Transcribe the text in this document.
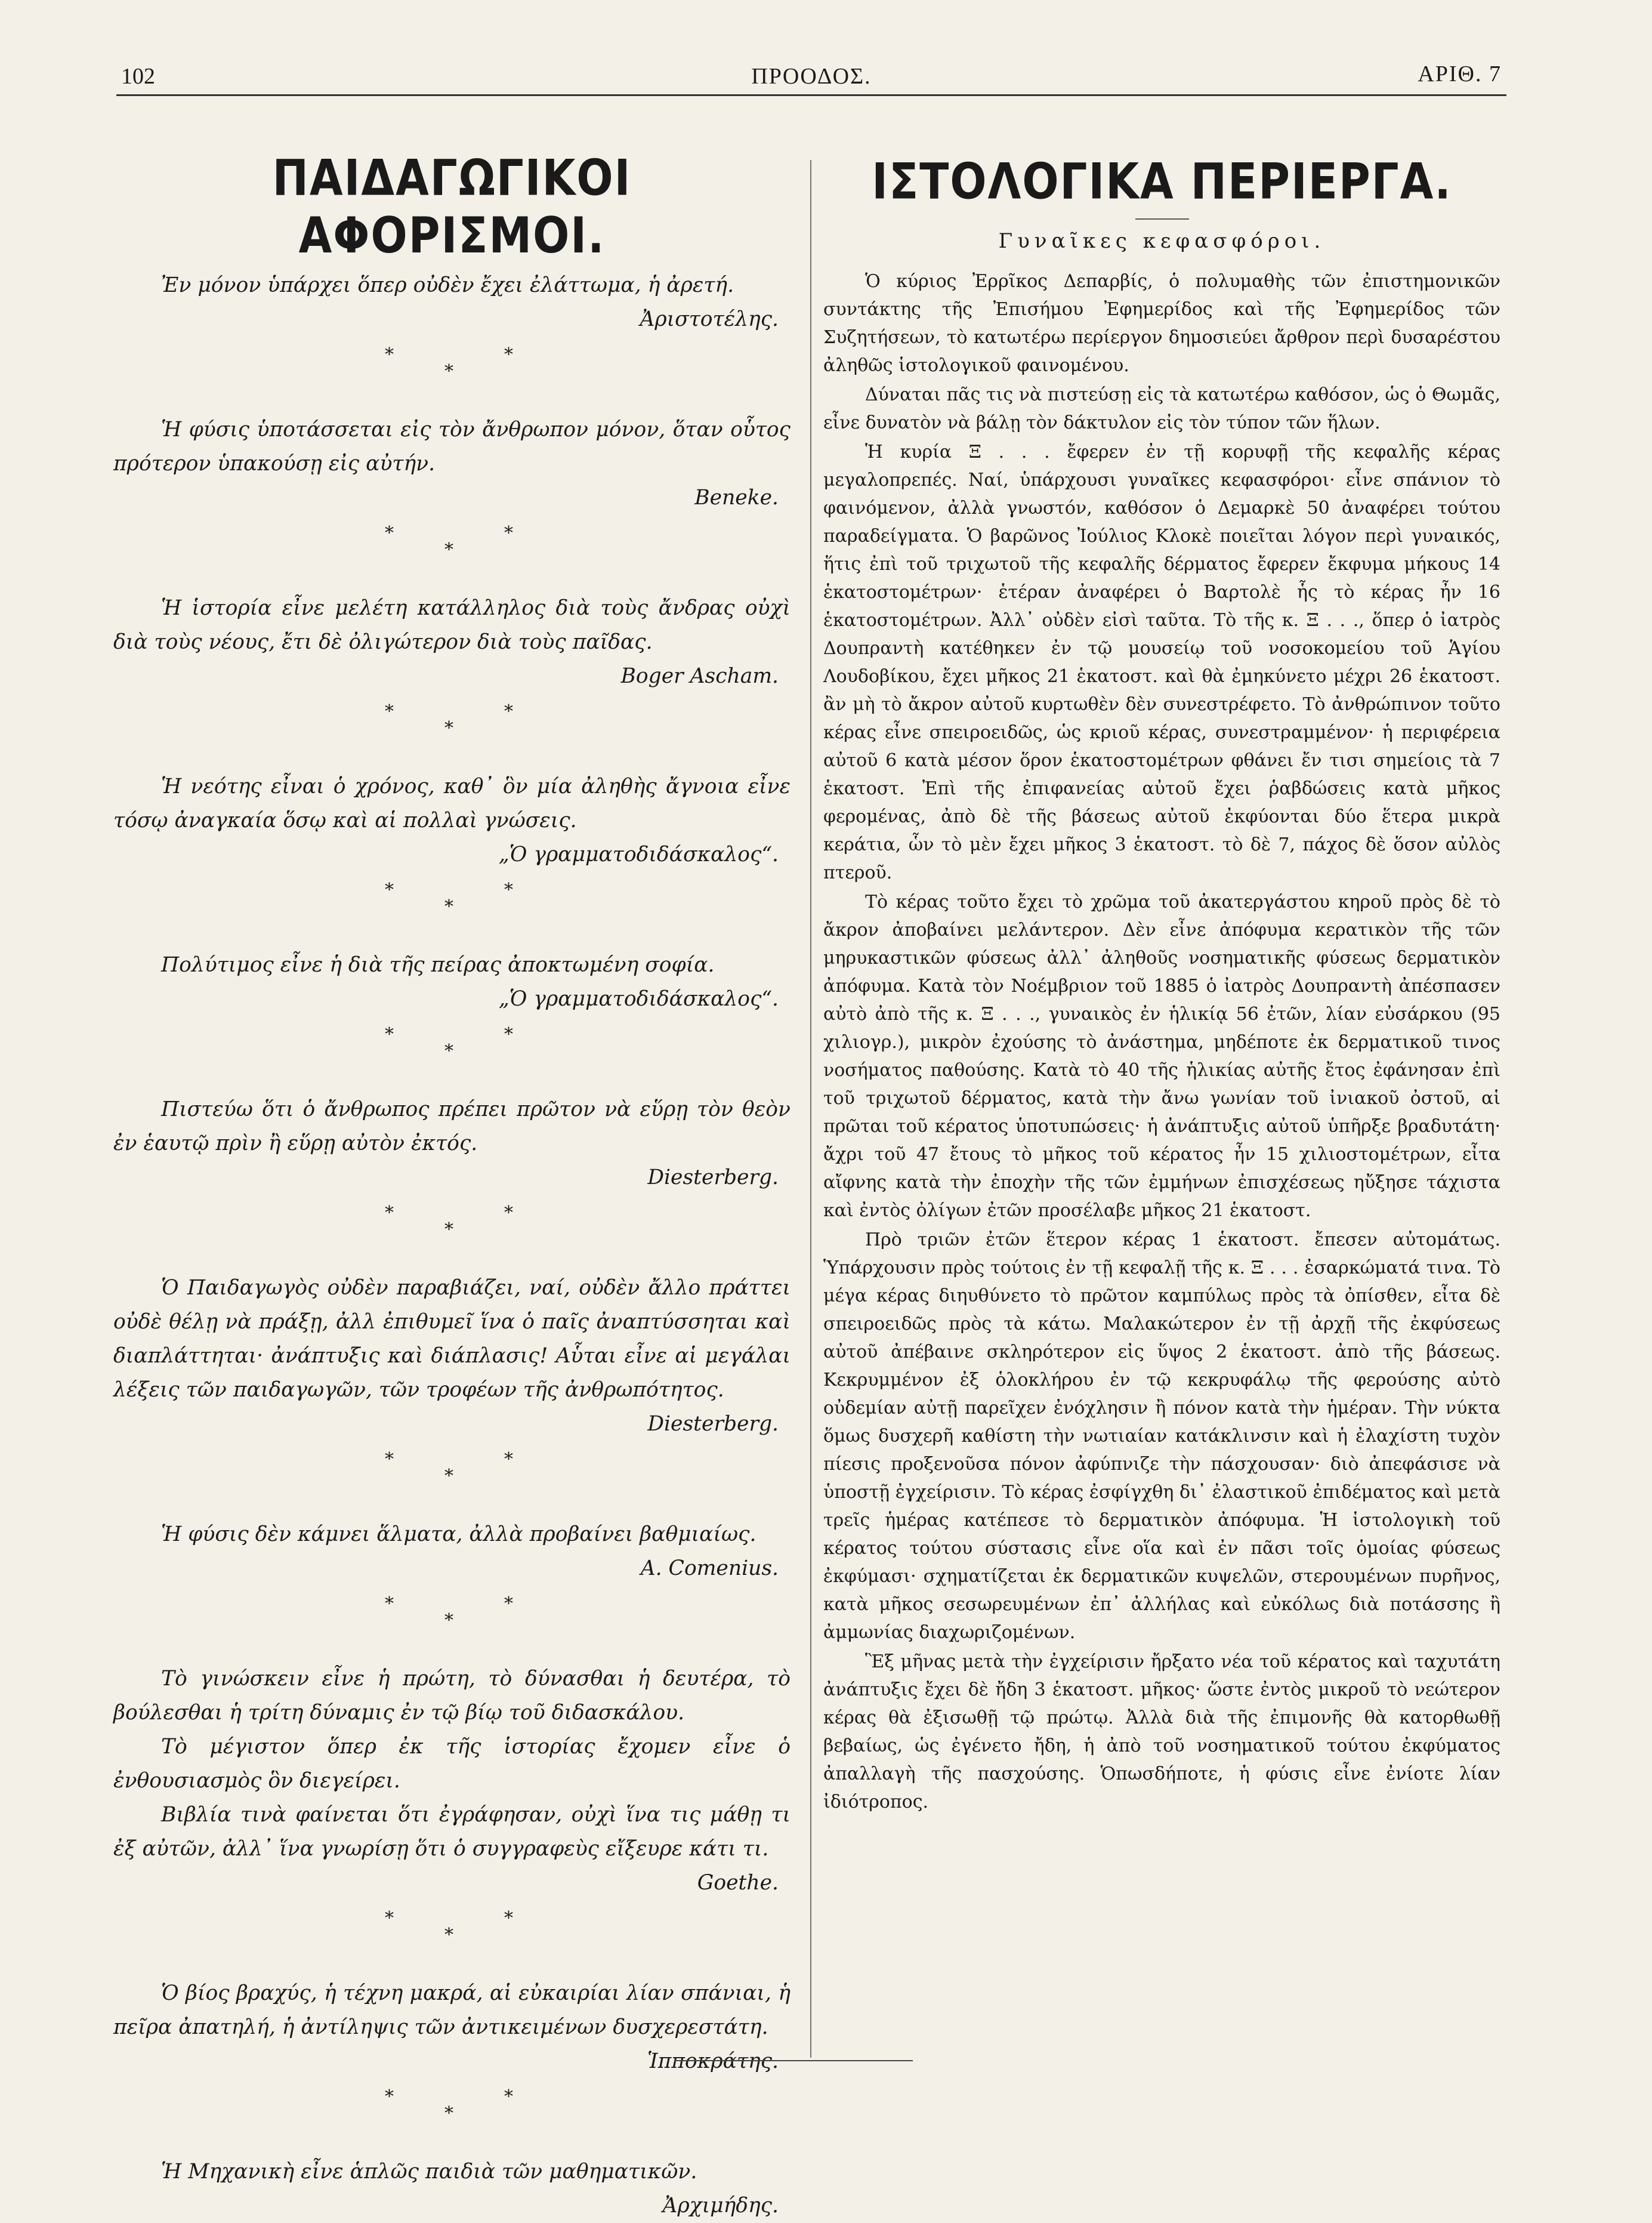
102	ΠΡΟΟΔΟΣ.	ΑΡΙΘ. 7
ΠΑΙΔΑΓΩΓΙΚΟΙ ΑΦΟΡΙΣΜΟΙ.

Ἐν μόνον ὑπάρχει ὅπερ οὐδὲν ἔχει ἐλάττωμα, ἡ ἀρετή.

Ἀριστοτέλης.
*
*
*

Ἡ φύσις ὑποτάσσεται εἰς τὸν ἄνθρωπον μόνον, ὅταν οὗτος πρότερον ὑπακούσῃ εἰς αὐτήν.

Beneke.
*
*
*

Ἡ ἱστορία εἶνε μελέτη κατάλληλος διὰ τοὺς ἄνδρας οὐχὶ διὰ τοὺς νέους, ἔτι δὲ ὀλιγώτερον διὰ τοὺς παῖδας.

Boger Ascham.
*
*
*

Ἡ νεότης εἶναι ὁ χρόνος, καθ᾽ ὃν μία ἀληθὴς ἄγνοια εἶνε τόσῳ ἀναγκαία ὅσῳ καὶ αἱ πολλαὶ γνώσεις.

„Ὁ γραμματοδιδάσκαλος“.
*
*
*

Πολύτιμος εἶνε ἡ διὰ τῆς πείρας ἀποκτωμένη σοφία.

„Ὁ γραμματοδιδάσκαλος“.
*
*
*

Πιστεύω ὅτι ὁ ἄνθρωπος πρέπει πρῶτον νὰ εὕρῃ τὸν θεὸν ἐν ἑαυτῷ πρὶν ἢ εὕρῃ αὐτὸν ἐκτός.

Diesterberg.
*
*
*

Ὁ Παιδαγωγὸς οὐδὲν παραβιάζει, ναί, οὐδὲν ἄλλο πράττει οὐδὲ θέλῃ νὰ πράξῃ, ἀλλ ἐπιθυμεῖ ἵνα ὁ παῖς ἀναπτύσσηται καὶ διαπλάττηται· ἀνάπτυξις καὶ διάπλασις! Αὗται εἶνε αἱ μεγάλαι λέξεις τῶν παιδαγωγῶν, τῶν τροφέων τῆς ἀνθρωπότητος.

Diesterberg.
*
*
*

Ἡ φύσις δὲν κάμνει ἅλματα, ἀλλὰ προβαίνει βαθμιαίως.

A. Comenius.
*
*
*

Τὸ γινώσκειν εἶνε ἡ πρώτη, τὸ δύνασθαι ἡ δευτέρα, τὸ βούλεσθαι ἡ τρίτη δύναμις ἐν τῷ βίῳ τοῦ διδασκάλου.

Τὸ μέγιστον ὅπερ ἐκ τῆς ἱστορίας ἔχομεν εἶνε ὁ ἐνθουσιασμὸς ὃν διεγείρει.

Βιβλία τινὰ φαίνεται ὅτι ἐγράφησαν, οὐχὶ ἵνα τις μάθῃ τι ἐξ αὐτῶν, ἀλλ᾽ ἵνα γνωρίσῃ ὅτι ὁ συγγραφεὺς εἴξευρε κάτι τι.

Goethe.
*
*
*

Ὁ βίος βραχύς, ἡ τέχνη μακρά, αἱ εὐκαιρίαι λίαν σπάνιαι, ἡ πεῖρα ἀπατηλή, ἡ ἀντίληψις τῶν ἀντικειμένων δυσχερεστάτη.

Ἱπποκράτης.
*
*
*

Ἡ Μηχανικὴ εἶνε ἁπλῶς παιδιὰ τῶν μαθηματικῶν.

Ἀρχιμήδης.
ΙΣΤΟΛΟΓΙΚΑ ΠΕΡΙΕΡΓΑ.
Γυναῖκες κεφασφόροι.

Ὁ κύριος Ἐρρῖκος Δεπαρβίς, ὁ πολυμαθὴς τῶν ἐπιστημονικῶν συντάκτης τῆς Ἐπισήμου Ἐφημερίδος καὶ τῆς Ἐφημερίδος τῶν Συζητήσεων, τὸ κατωτέρω περίεργον δημοσιεύει ἄρθρον περὶ δυσαρέστου ἀληθῶς ἱστολογικοῦ φαινομένου.

Δύναται πᾶς τις νὰ πιστεύσῃ εἰς τὰ κατωτέρω καθόσον, ὡς ὁ Θωμᾶς, εἶνε δυνατὸν νὰ βάλῃ τὸν δάκτυλον εἰς τὸν τύπον τῶν ἥλων.

Ἡ κυρία Ξ . . . ἔφερεν ἐν τῇ κορυφῇ τῆς κεφαλῆς κέρας μεγαλοπρεπές. Ναί, ὑπάρχουσι γυναῖκες κεφασφόροι· εἶνε σπάνιον τὸ φαινόμενον, ἀλλὰ γνωστόν, καθόσον ὁ Δεμαρκὲ 50 ἀναφέρει τούτου παραδείγματα. Ὁ βαρῶνος Ἰούλιος Κλοκὲ ποιεῖται λόγον περὶ γυναικός, ἥτις ἐπὶ τοῦ τριχωτοῦ τῆς κεφαλῆς δέρματος ἔφερεν ἔκφυμα μήκους 14 ἑκατοστομέτρων· ἑτέραν ἀναφέρει ὁ Βαρτολὲ ἧς τὸ κέρας ἦν 16 ἑκατοστομέτρων. Ἀλλ᾽ οὐδὲν εἰσὶ ταῦτα. Τὸ τῆς κ. Ξ . . ., ὅπερ ὁ ἰατρὸς Δουπραντὴ κατέθηκεν ἐν τῷ μουσείῳ τοῦ νοσοκομείου τοῦ Ἁγίου Λουδοβίκου, ἔχει μῆκος 21 ἑκατοστ. καὶ θὰ ἐμηκύνετο μέχρι 26 ἑκατοστ. ἂν μὴ τὸ ἄκρον αὐτοῦ κυρτωθὲν δὲν συνεστρέφετο. Τὸ ἀνθρώπινον τοῦτο κέρας εἶνε σπειροειδῶς, ὡς κριοῦ κέρας, συνεστραμμένον· ἡ περιφέρεια αὐτοῦ 6 κατὰ μέσον ὅρον ἑκατοστομέτρων φθάνει ἔν τισι σημείοις τὰ 7 ἑκατοστ. Ἐπὶ τῆς ἐπιφανείας αὐτοῦ ἔχει ῥαβδώσεις κατὰ μῆκος φερομένας, ἀπὸ δὲ τῆς βάσεως αὐτοῦ ἐκφύονται δύο ἕτερα μικρὰ κεράτια, ὧν τὸ μὲν ἔχει μῆκος 3 ἑκατοστ. τὸ δὲ 7, πάχος δὲ ὅσον αὐλὸς πτεροῦ.

Τὸ κέρας τοῦτο ἔχει τὸ χρῶμα τοῦ ἀκατεργάστου κηροῦ πρὸς δὲ τὸ ἄκρον ἀποβαίνει μελάντερον. Δὲν εἶνε ἀπόφυμα κερατικὸν τῆς τῶν μηρυκαστικῶν φύσεως ἀλλ᾽ ἀληθοῦς νοσηματικῆς φύσεως δερματικὸν ἀπόφυμα. Κατὰ τὸν Νοέμβριον τοῦ 1885 ὁ ἰατρὸς Δουπραντὴ ἀπέσπασεν αὐτὸ ἀπὸ τῆς κ. Ξ . . ., γυναικὸς ἐν ἡλικίᾳ 56 ἐτῶν, λίαν εὐσάρκου (95 χιλιογρ.), μικρὸν ἐχούσης τὸ ἀνάστημα, μηδέποτε ἐκ δερματικοῦ τινος νοσήματος παθούσης. Κατὰ τὸ 40 τῆς ἡλικίας αὐτῆς ἔτος ἐφάνησαν ἐπὶ τοῦ τριχωτοῦ δέρματος, κατὰ τὴν ἄνω γωνίαν τοῦ ἰνιακοῦ ὀστοῦ, αἱ πρῶται τοῦ κέρατος ὑποτυπώσεις· ἡ ἀνάπτυξις αὐτοῦ ὑπῆρξε βραδυτάτη· ἄχρι τοῦ 47 ἔτους τὸ μῆκος τοῦ κέρατος ἦν 15 χιλιοστομέτρων, εἶτα αἴφνης κατὰ τὴν ἐποχὴν τῆς τῶν ἐμμήνων ἐπισχέσεως ηὔξησε τάχιστα καὶ ἐντὸς ὀλίγων ἐτῶν προσέλαβε μῆκος 21 ἑκατοστ.

Πρὸ τριῶν ἐτῶν ἕτερον κέρας 1 ἑκατοστ. ἔπεσεν αὐτομάτως. Ὑπάρχουσιν πρὸς τούτοις ἐν τῇ κεφαλῇ τῆς κ. Ξ . . . ἐσαρκώματά τινα. Τὸ μέγα κέρας διηυθύνετο τὸ πρῶτον καμπύλως πρὸς τὰ ὀπίσθεν, εἶτα δὲ σπειροειδῶς πρὸς τὰ κάτω. Μαλακώτερον ἐν τῇ ἀρχῇ τῆς ἐκφύσεως αὐτοῦ ἀπέβαινε σκληρότερον εἰς ὕψος 2 ἑκατοστ. ἀπὸ τῆς βάσεως. Κεκρυμμένον ἐξ ὁλοκλήρου ἐν τῷ κεκρυφάλῳ τῆς φερούσης αὐτὸ οὐδεμίαν αὐτῇ παρεῖχεν ἐνόχλησιν ἢ πόνον κατὰ τὴν ἡμέραν. Τὴν νύκτα ὅμως δυσχερῆ καθίστη τὴν νωτιαίαν κατάκλινσιν καὶ ἡ ἐλαχίστη τυχὸν πίεσις προξενοῦσα πόνον ἀφύπνιζε τὴν πάσχουσαν· διὸ ἀπεφάσισε νὰ ὑποστῇ ἐγχείρισιν. Τὸ κέρας ἐσφίγχθη δι᾽ ἐλαστικοῦ ἐπιδέματος καὶ μετὰ τρεῖς ἡμέρας κατέπεσε τὸ δερματικὸν ἀπόφυμα. Ἡ ἱστολογικὴ τοῦ κέρατος τούτου σύστασις εἶνε οἵα καὶ ἐν πᾶσι τοῖς ὁμοίας φύσεως ἐκφύμασι· σχηματίζεται ἐκ δερματικῶν κυψελῶν, στερουμένων πυρῆνος, κατὰ μῆκος σεσωρευμένων ἐπ᾽ ἀλλήλας καὶ εὐκόλως διὰ ποτάσσης ἢ ἀμμωνίας διαχωριζομένων.

Ἓξ μῆνας μετὰ τὴν ἐγχείρισιν ἤρξατο νέα τοῦ κέρατος καὶ ταχυτάτη ἀνάπτυξις ἔχει δὲ ἤδη 3 ἑκατοστ. μῆκος· ὥστε ἐντὸς μικροῦ τὸ νεώτερον κέρας θὰ ἐξισωθῇ τῷ πρώτῳ. Ἀλλὰ διὰ τῆς ἐπιμονῆς θὰ κατορθωθῇ βεβαίως, ὡς ἐγένετο ἤδη, ἡ ἀπὸ τοῦ νοσηματικοῦ τούτου ἐκφύματος ἀπαλλαγὴ τῆς πασχούσης. Ὁπωσδήποτε, ἡ φύσις εἶνε ἐνίοτε λίαν ἰδιότροπος.
